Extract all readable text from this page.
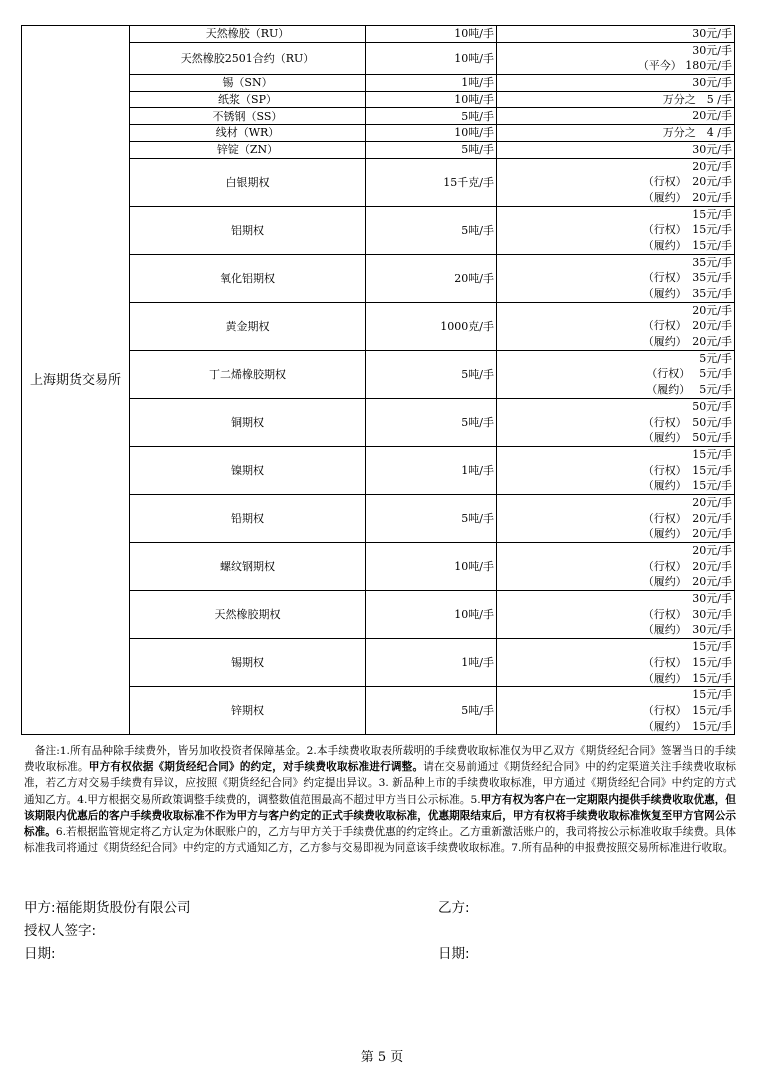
上海期货交易所	天然橡胶（RU）	10吨/手	30元/手

	天然橡胶2501合约（RU）	10吨/手	30元/手
（平今） 180元/手

	锡（SN）	1吨/手	30元/手

	纸浆（SP）	10吨/手	万分之　5 /手

	不锈钢（SS）	5吨/手	20元/手

	线材（WR）	10吨/手	万分之　4 /手

	锌锭（ZN）	5吨/手	30元/手

	白银期权	15千克/手	20元/手
（行权）　20元/手
（履约）　20元/手

	铝期权	5吨/手	15元/手
（行权）　15元/手
（履约）　15元/手

	氧化铝期权	20吨/手	35元/手
（行权）　35元/手
（履约）　35元/手

	黄金期权	1000克/手	20元/手
（行权）　20元/手
（履约）　20元/手

	丁二烯橡胶期权	5吨/手	5元/手
（行权）　 5元/手
（履约）　 5元/手

	铜期权	5吨/手	50元/手
（行权）　50元/手
（履约）　50元/手

	镍期权	1吨/手	15元/手
（行权）　15元/手
（履约）　15元/手

	铅期权	5吨/手	20元/手
（行权）　20元/手
（履约）　20元/手

	螺纹钢期权	10吨/手	20元/手
（行权）　20元/手
（履约）　20元/手

	天然橡胶期权	10吨/手	30元/手
（行权）　30元/手
（履约）　30元/手

	锡期权	1吨/手	15元/手
（行权）　15元/手
（履约）　15元/手

	锌期权	5吨/手	15元/手
（行权）　15元/手
（履约）　15元/手
　备注:1.所有品种除手续费外，皆另加收投资者保障基金。2.本手续费收取表所载明的手续费收取标准仅为甲乙双方《期货经纪合同》签署当日的手续费收取标准。甲方有权依据《期货经纪合同》的约定，对手续费收取标准进行调整。请在交易前通过《期货经纪合同》中的约定渠道关注手续费收取标准，若乙方对交易手续费有异议，应按照《期货经纪合同》约定提出异议。3. 新品种上市的手续费收取标准，甲方通过《期货经纪合同》中约定的方式通知乙方。4.甲方根据交易所政策调整手续费的，调整数值范围最高不超过甲方当日公示标准。5.甲方有权为客户在一定期限内提供手续费收取优惠，但该期限内优惠后的客户手续费收取标准不作为甲方与客户约定的正式手续费收取标准，优惠期限结束后，甲方有权将手续费收取标准恢复至甲方官网公示标准。6.若根据监管规定将乙方认定为休眠账户的，乙方与甲方关于手续费优惠的约定终止。乙方重新激活账户的，我司将按公示标准收取手续费。具体标准我司将通过《期货经纪合同》中约定的方式通知乙方，乙方参与交易即视为同意该手续费收取标准。7.所有品种的申报费按照交易所标准进行收取。
甲方:福能期货股份有限公司	乙方:
授权人签字:
日期:	日期:
第 5 页
